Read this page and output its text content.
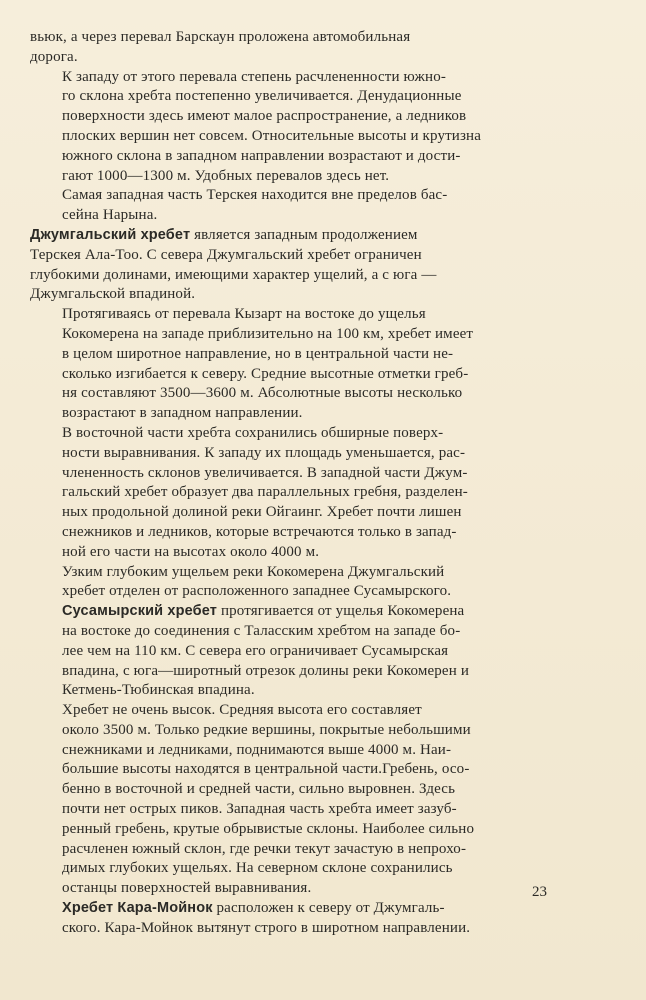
вьюк, а через перевал Барскаун проложена автомобильная
дорога.

К западу от этого перевала степень расчлененности южно-
го склона хребта постепенно увеличивается. Денудационные
поверхности здесь имеют малое распространение, а ледников
плоских вершин нет совсем. Относительные высоты и крутизна
южного склона в западном направлении возрастают и дости-
гают 1000—1300 м. Удобных перевалов здесь нет.

Самая западная часть Терскея находится вне пределов бас-
сейна Нарына.

Джумгальский хребет является западным продолжением
Терскея Ала-Тоо. С севера Джумгальский хребет ограничен
глубокими долинами, имеющими характер ущелий, а с юга —
Джумгальской впадиной.

Протягиваясь от перевала Кызарт на востоке до ущелья
Кокомерена на западе приблизительно на 100 км, хребет имеет
в целом широтное направление, но в центральной части не-
сколько изгибается к северу. Средние высотные отметки греб-
ня составляют 3500—3600 м. Абсолютные высоты несколько
возрастают в западном направлении.

В восточной части хребта сохранились обширные поверх-
ности выравнивания. К западу их площадь уменьшается, рас-
члененность склонов увеличивается. В западной части Джум-
гальский хребет образует два параллельных гребня, разделен-
ных продольной долиной реки Ойгаинг. Хребет почти лишен
снежников и ледников, которые встречаются только в запад-
ной его части на высотах около 4000 м.

Узким глубоким ущельем реки Кокомерена Джумгальский
хребет отделен от расположенного западнее Сусамырского.

Сусамырский хребет протягивается от ущелья Кокомерена
на востоке до соединения с Таласским хребтом на западе бо-
лее чем на 110 км. С севера его ограничивает Сусамырская
впадина, с юга—широтный отрезок долины реки Кокомерен и
Кетмень-Тюбинская впадина.

Хребет не очень высок. Средняя высота его составляет
около 3500 м. Только редкие вершины, покрытые небольшими
снежниками и ледниками, поднимаются выше 4000 м. Наи-
большие высоты находятся в центральной части.Гребень, осо-
бенно в восточной и средней части, сильно выровнен. Здесь
почти нет острых пиков. Западная часть хребта имеет зазуб-
ренный гребень, крутые обрывистые склоны. Наиболее сильно
расчленен южный склон, где речки текут зачастую в непрохо-
димых глубоких ущельях. На северном склоне сохранились
останцы поверхностей выравнивания.

Хребет Кара-Мойнок расположен к северу от Джумгаль-
ского. Кара-Мойнок вытянут строго в широтном направлении.

23
